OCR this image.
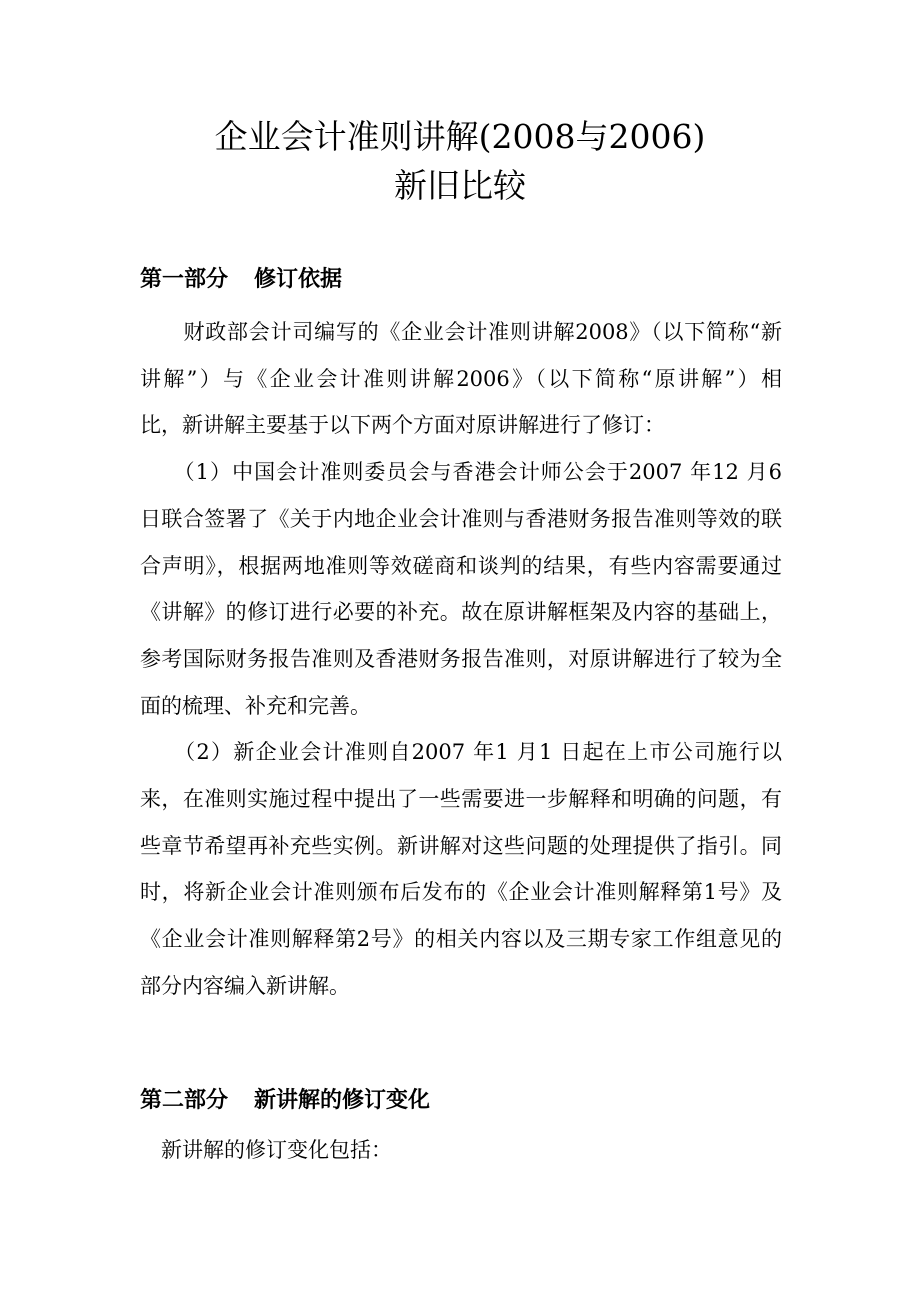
企业会计准则讲解(2008与2006)
新旧比较
第一部分 修订依据
　　财政部会计司编写的《企业会计准则讲解2008》（以下简称“新
讲解”）与《企业会计准则讲解2006》（以下简称“原讲解”）相
比，新讲解主要基于以下两个方面对原讲解进行了修订：
　　（1）中国会计准则委员会与香港会计师公会于2007 年12 月6
日联合签署了《关于内地企业会计准则与香港财务报告准则等效的联
合声明》，根据两地准则等效磋商和谈判的结果，有些内容需要通过
《讲解》的修订进行必要的补充。故在原讲解框架及内容的基础上，
参考国际财务报告准则及香港财务报告准则，对原讲解进行了较为全
面的梳理、补充和完善。
　　（2）新企业会计准则自2007 年1 月1 日起在上市公司施行以
来，在准则实施过程中提出了一些需要进一步解释和明确的问题，有
些章节希望再补充些实例。新讲解对这些问题的处理提供了指引。同
时，将新企业会计准则颁布后发布的《企业会计准则解释第1号》及
《企业会计准则解释第2号》的相关内容以及三期专家工作组意见的
部分内容编入新讲解。
第二部分 新讲解的修订变化
　新讲解的修订变化包括：
